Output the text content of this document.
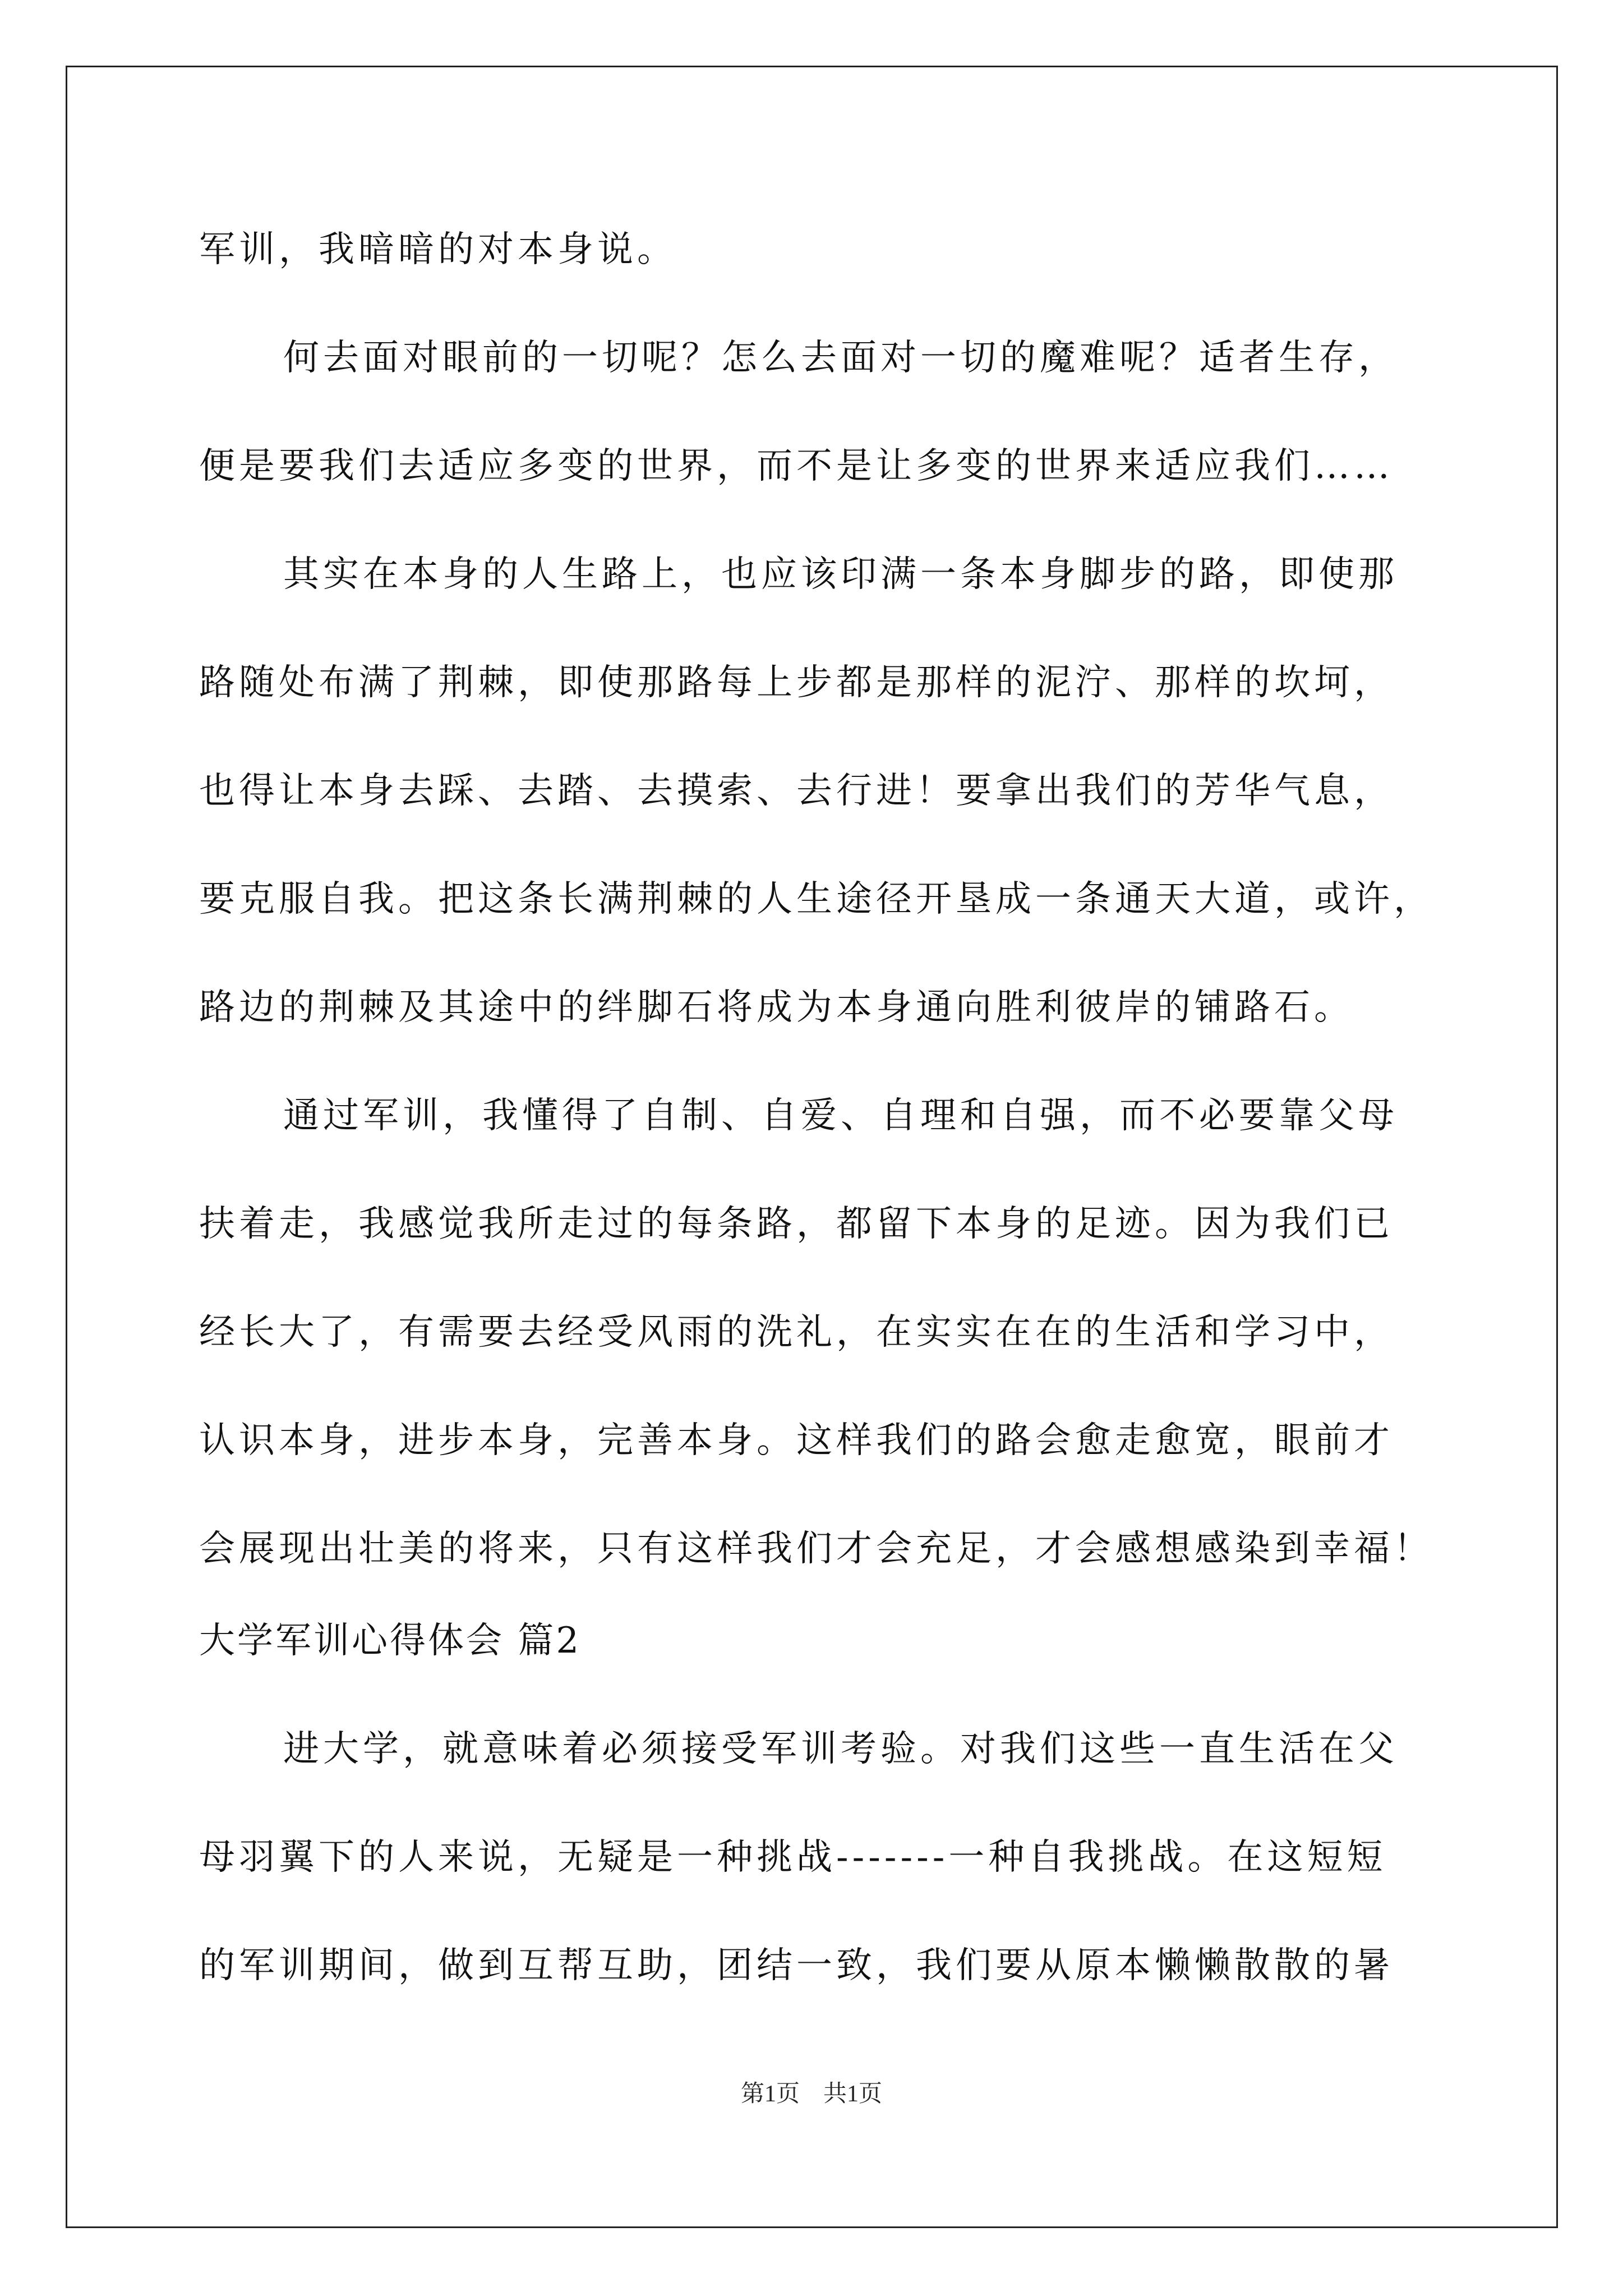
军训，我暗暗的对本身说。
何去面对眼前的一切呢？怎么去面对一切的魔难呢？适者生存，
便是要我们去适应多变的世界，而不是让多变的世界来适应我们……
其实在本身的人生路上，也应该印满一条本身脚步的路，即使那
路随处布满了荆棘，即使那路每上步都是那样的泥泞、那样的坎坷，
也得让本身去踩、去踏、去摸索、去行进！要拿出我们的芳华气息，
要克服自我。把这条长满荆棘的人生途径开垦成一条通天大道，或许，
路边的荆棘及其途中的绊脚石将成为本身通向胜利彼岸的铺路石。
通过军训，我懂得了自制、自爱、自理和自强，而不必要靠父母
扶着走，我感觉我所走过的每条路，都留下本身的足迹。因为我们已
经长大了，有需要去经受风雨的洗礼，在实实在在的生活和学习中，
认识本身，进步本身，完善本身。这样我们的路会愈走愈宽，眼前才
会展现出壮美的将来，只有这样我们才会充足，才会感想感染到幸福！
大学军训心得体会 篇2
进大学，就意味着必须接受军训考验。对我们这些一直生活在父
母羽翼下的人来说，无疑是一种挑战-------一种自我挑战。在这短短
的军训期间，做到互帮互助，团结一致，我们要从原本懒懒散散的暑
第1页　共1页
